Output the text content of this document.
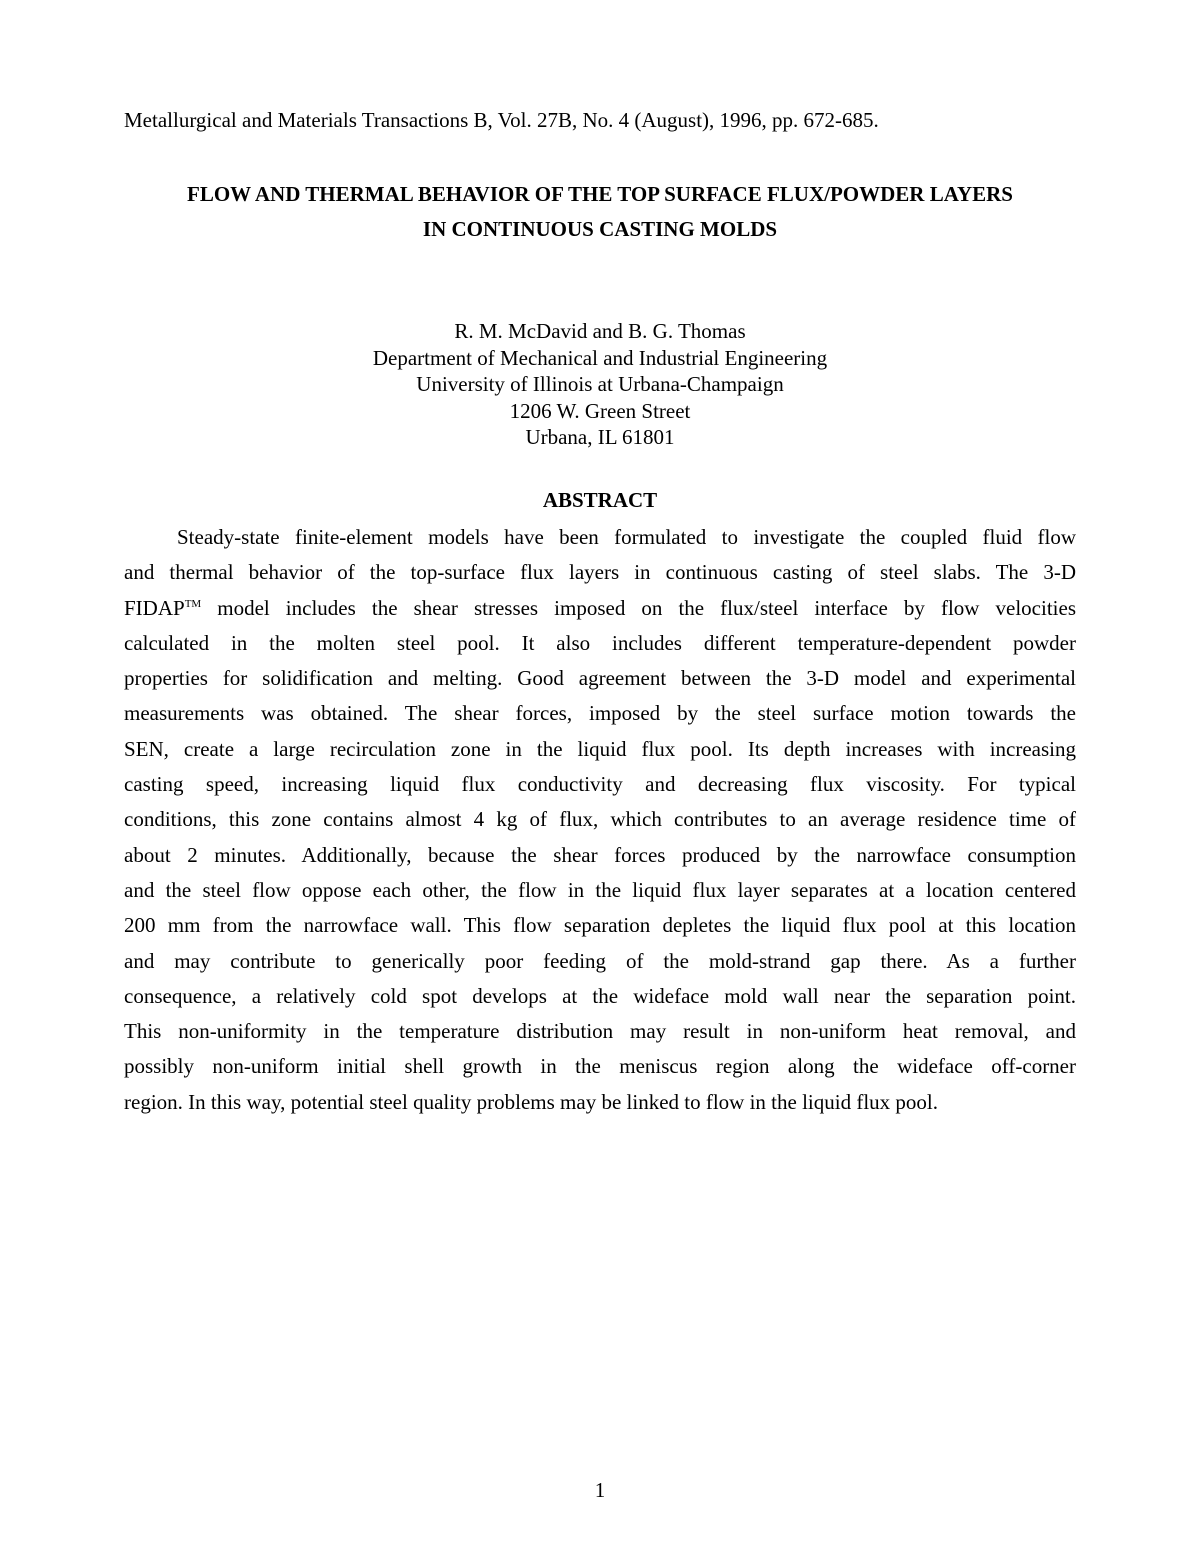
Metallurgical and Materials Transactions B, Vol. 27B, No. 4 (August), 1996, pp. 672-685.
FLOW AND THERMAL BEHAVIOR OF THE TOP SURFACE FLUX/POWDER LAYERS
IN CONTINUOUS CASTING MOLDS
R. M. McDavid and B. G. Thomas
Department of Mechanical and Industrial Engineering
University of Illinois at Urbana-Champaign
1206 W. Green Street
Urbana, IL 61801
ABSTRACT
Steady-state finite-element models have been formulated to investigate the coupled fluid flow
and thermal behavior of the top-surface flux layers in continuous casting of steel slabs. The 3-D
FIDAP™ model includes the shear stresses imposed on the flux/steel interface by flow velocities
calculated in the molten steel pool. It also includes different temperature-dependent powder
properties for solidification and melting. Good agreement between the 3-D model and experimental
measurements was obtained. The shear forces, imposed by the steel surface motion towards the
SEN, create a large recirculation zone in the liquid flux pool. Its depth increases with increasing
casting speed, increasing liquid flux conductivity and decreasing flux viscosity. For typical
conditions, this zone contains almost 4 kg of flux, which contributes to an average residence time of
about 2 minutes. Additionally, because the shear forces produced by the narrowface consumption
and the steel flow oppose each other, the flow in the liquid flux layer separates at a location centered
200 mm from the narrowface wall. This flow separation depletes the liquid flux pool at this location
and may contribute to generically poor feeding of the mold-strand gap there. As a further
consequence, a relatively cold spot develops at the wideface mold wall near the separation point.
This non-uniformity in the temperature distribution may result in non-uniform heat removal, and
possibly non-uniform initial shell growth in the meniscus region along the wideface off-corner
region. In this way, potential steel quality problems may be linked to flow in the liquid flux pool.
1
